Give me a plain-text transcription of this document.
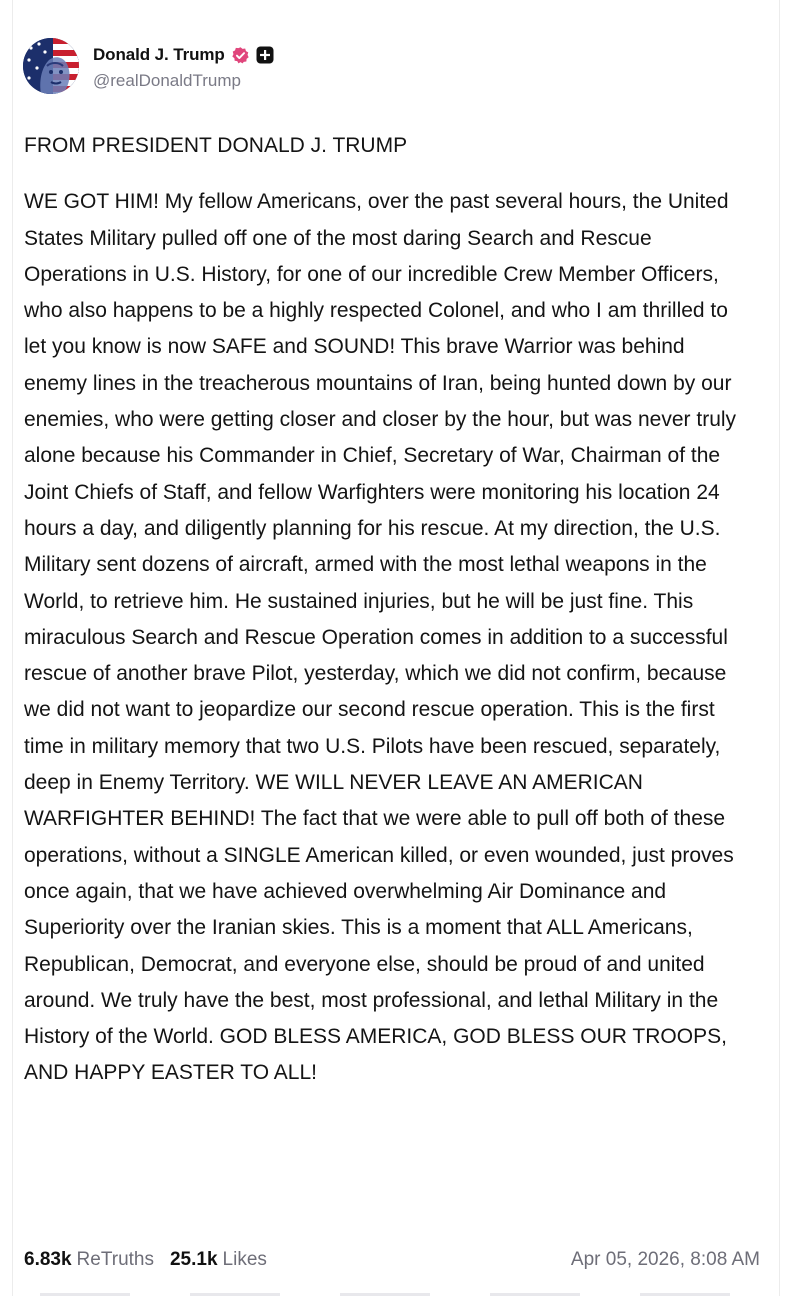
Donald J. Trump
@realDonaldTrump

FROM PRESIDENT DONALD J. TRUMP

WE GOT HIM! My fellow Americans, over the past several hours, the United States Military pulled off one of the most daring Search and Rescue Operations in U.S. History, for one of our incredible Crew Member Officers, who also happens to be a highly respected Colonel, and who I am thrilled to let you know is now SAFE and SOUND! This brave Warrior was behind enemy lines in the treacherous mountains of Iran, being hunted down by our enemies, who were getting closer and closer by the hour, but was never truly alone because his Commander in Chief, Secretary of War, Chairman of the Joint Chiefs of Staff, and fellow Warfighters were monitoring his location 24 hours a day, and diligently planning for his rescue. At my direction, the U.S. Military sent dozens of aircraft, armed with the most lethal weapons in the World, to retrieve him. He sustained injuries, but he will be just fine. This miraculous Search and Rescue Operation comes in addition to a successful rescue of another brave Pilot, yesterday, which we did not confirm, because we did not want to jeopardize our second rescue operation. This is the first time in military memory that two U.S. Pilots have been rescued, separately, deep in Enemy Territory. WE WILL NEVER LEAVE AN AMERICAN WARFIGHTER BEHIND! The fact that we were able to pull off both of these operations, without a SINGLE American killed, or even wounded, just proves once again, that we have achieved overwhelming Air Dominance and Superiority over the Iranian skies. This is a moment that ALL Americans, Republican, Democrat, and everyone else, should be proud of and united around. We truly have the best, most professional, and lethal Military in the History of the World. GOD BLESS AMERICA, GOD BLESS OUR TROOPS, AND HAPPY EASTER TO ALL!

6.83k ReTruths 25.1k Likes	Apr 05, 2026, 8:08 AM
